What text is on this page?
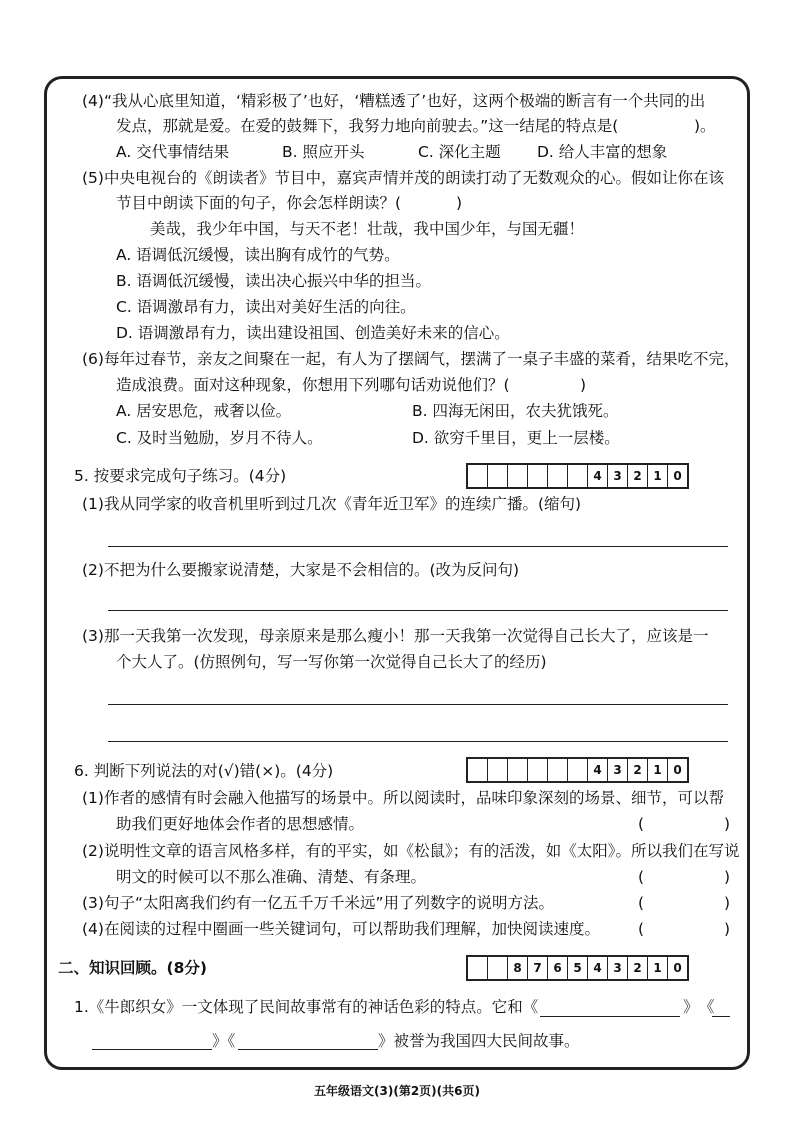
(4)“我从心底里知道，‘精彩极了’也好，‘糟糕透了’也好，这两个极端的断言有一个共同的出
发点，那就是爱。在爱的鼓舞下，我努力地向前驶去。”这一结尾的特点是(	)。
A. 交代事情结果	B. 照应开头	C. 深化主题 D. 给人丰富的想象
(5)中央电视台的《朗读者》节目中，嘉宾声情并茂的朗读打动了无数观众的心。假如让你在该
节目中朗读下面的句子，你会怎样朗读？(	)
美哉，我少年中国，与天不老！壮哉，我中国少年，与国无疆！
A. 语调低沉缓慢，读出胸有成竹的气势。
B. 语调低沉缓慢，读出决心振兴中华的担当。
C. 语调激昂有力，读出对美好生活的向往。
D. 语调激昂有力，读出建设祖国、创造美好未来的信心。
(6)每年过春节，亲友之间聚在一起，有人为了摆阔气，摆满了一桌子丰盛的菜肴，结果吃不完，
造成浪费。面对这种现象，你想用下列哪句话劝说他们？(	)
A. 居安思危，戒奢以俭。	B. 四海无闲田，农夫犹饿死。
C. 及时当勉励，岁月不待人。	D. 欲穷千里目，更上一层楼。
5. 按要求完成句子练习。(4分)	4 3 2 1 0
(1)我从同学家的收音机里听到过几次《青年近卫军》的连续广播。(缩句)
(2)不把为什么要搬家说清楚，大家是不会相信的。(改为反问句)
(3)那一天我第一次发现，母亲原来是那么瘦小！那一天我第一次觉得自己长大了，应该是一
个大人了。(仿照例句，写一写你第一次觉得自己长大了的经历)
6. 判断下列说法的对(√)错(×)。(4分)	4 3 2 1 0
(1)作者的感情有时会融入他描写的场景中。所以阅读时，品味印象深刻的场景、细节，可以帮
助我们更好地体会作者的思想感情。	(	)
(2)说明性文章的语言风格多样，有的平实，如《松鼠》；有的活泼，如《太阳》。所以我们在写说
明文的时候可以不那么准确、清楚、有条理。	(	)
(3)句子“太阳离我们约有一亿五千万千米远”用了列数字的说明方法。	(	)
(4)在阅读的过程中圈画一些关键词句，可以帮助我们理解，加快阅读速度。 (	)
二、知识回顾。(8分)	8 7 6 5 4 3 2 1 0
1.《牛郎织女》一文体现了民间故事常有的神话色彩的特点。它和《	》 《
》《	》被誉为我国四大民间故事。
五年级语文(3)(第2页)(共6页)
